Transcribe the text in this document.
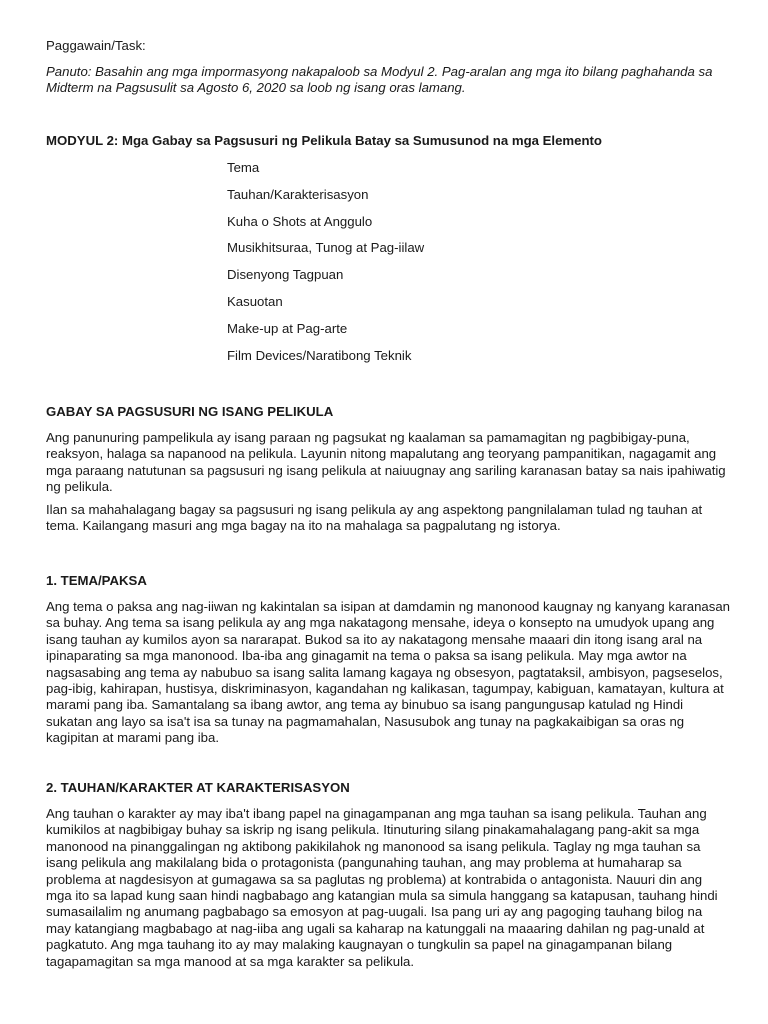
Paggawain/Task:

Panuto: Basahin ang mga impormasyong nakapaloob sa Modyul 2. Pag-aralan ang mga ito bilang paghahanda sa Midterm na Pagsusulit sa Agosto 6, 2020 sa loob ng isang oras lamang.

MODYUL 2: Mga Gabay sa Pagsusuri ng Pelikula Batay sa Sumusunod na mga Elemento

Tema
Tauhan/Karakterisasyon
Kuha o Shots at Anggulo
Musikhitsuraa, Tunog at Pag-iilaw
Disenyong Tagpuan
Kasuotan
Make-up at Pag-arte
Film Devices/Naratibong Teknik

GABAY SA PAGSUSURI NG ISANG PELIKULA

Ang panunuring pampelikula ay isang paraan ng pagsukat ng kaalaman sa pamamagitan ng pagbibigay-puna, reaksyon, halaga sa napanood na pelikula. Layunin nitong mapalutang ang teoryang pampanitikan, nagagamit ang mga paraang natutunan sa pagsusuri ng isang pelikula at naiuugnay ang sariling karanasan batay sa nais ipahiwatig ng pelikula.

Ilan sa mahahalagang bagay sa pagsusuri ng isang pelikula ay ang aspektong pangnilalaman tulad ng tauhan at tema. Kailangang masuri ang mga bagay na ito na mahalaga sa pagpalutang ng istorya.

1. TEMA/PAKSA

Ang tema o paksa ang nag-iiwan ng kakintalan sa isipan at damdamin ng manonood kaugnay ng kanyang karanasan sa buhay. Ang tema sa isang pelikula ay ang mga nakatagong mensahe, ideya o konsepto na umudyok upang ang isang tauhan ay kumilos ayon sa nararapat. Bukod sa ito ay nakatagong mensahe maaari din itong isang aral na ipinaparating sa mga manonood. Iba-iba ang ginagamit na tema o paksa sa isang pelikula. May mga awtor na nagsasabing ang tema ay nabubuo sa isang salita lamang kagaya ng obsesyon, pagtataksil, ambisyon, pagseselos, pag-ibig, kahirapan, hustisya, diskriminasyon, kagandahan ng kalikasan, tagumpay, kabiguan, kamatayan, kultura at marami pang iba. Samantalang sa ibang awtor, ang tema ay binubuo sa isang pangungusap katulad ng Hindi sukatan ang layo sa isa't isa sa tunay na pagmamahalan, Nasusubok ang tunay na pagkakaibigan sa oras ng kagipitan at marami pang iba.

2. TAUHAN/KARAKTER AT KARAKTERISASYON

Ang tauhan o karakter ay may iba't ibang papel na ginagampanan ang mga tauhan sa isang pelikula. Tauhan ang kumikilos at nagbibigay buhay sa iskrip ng isang pelikula. Itinuturing silang pinakamahalagang pang-akit sa mga manonood na pinanggalingan ng aktibong pakikilahok ng manonood sa isang pelikula. Taglay ng mga tauhan sa isang pelikula ang makilalang bida o protagonista (pangunahing tauhan, ang may problema at humaharap sa problema at nagdesisyon at gumagawa sa sa paglutas ng problema) at kontrabida o antagonista. Nauuri din ang mga ito sa lapad kung saan hindi nagbabago ang katangian mula sa simula hanggang sa katapusan, tauhang hindi sumasailalim ng anumang pagbabago sa emosyon at pag-uugali. Isa pang uri ay ang pagoging tauhang bilog na may katangiang magbabago at nag-iiba ang ugali sa kaharap na katunggali na maaaring dahilan ng pag-unald at pagkatuto. Ang mga tauhang ito ay may malaking kaugnayan o tungkulin sa papel na ginagampanan bilang tagapamagitan sa mga manood at sa mga karakter sa pelikula.
